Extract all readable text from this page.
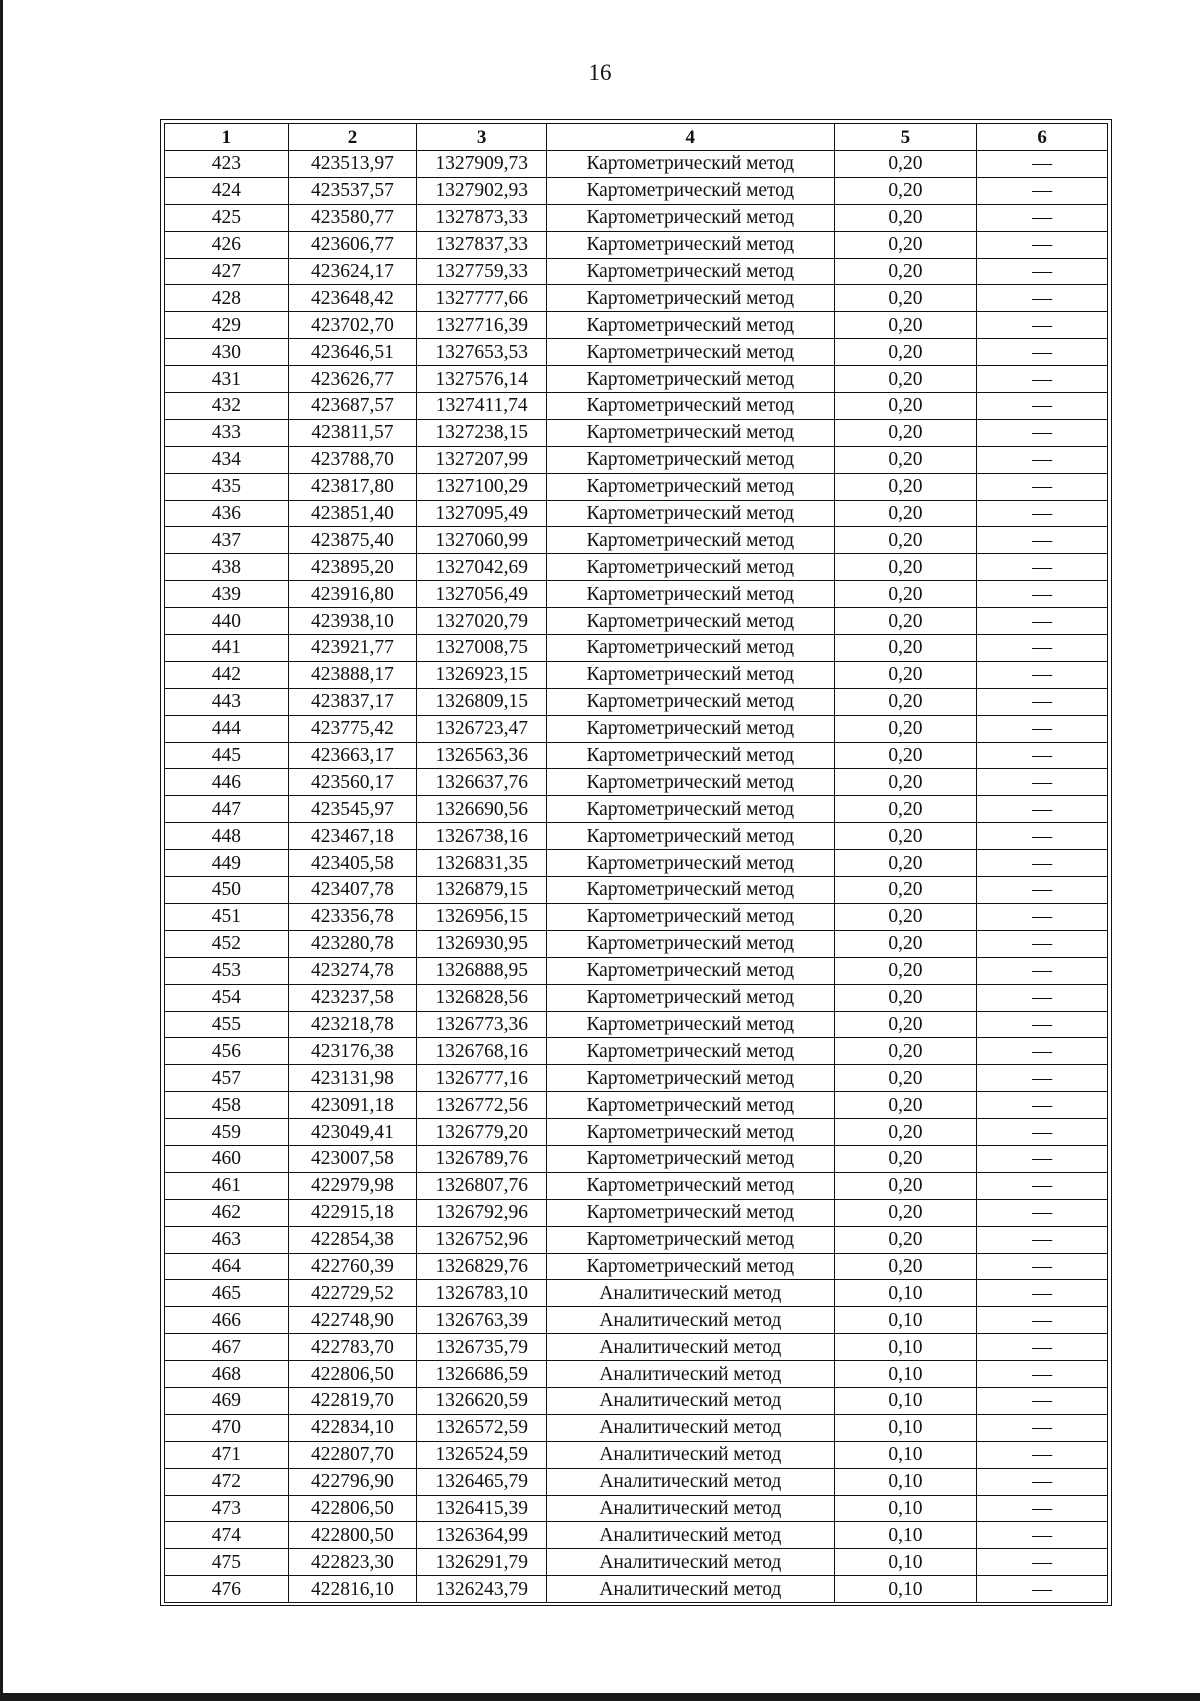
16
1	2	3	4	5	6
423	423513,97	1327909,73	Картометрический метод	0,20	—
424	423537,57	1327902,93	Картометрический метод	0,20	—
425	423580,77	1327873,33	Картометрический метод	0,20	—
426	423606,77	1327837,33	Картометрический метод	0,20	—
427	423624,17	1327759,33	Картометрический метод	0,20	—
428	423648,42	1327777,66	Картометрический метод	0,20	—
429	423702,70	1327716,39	Картометрический метод	0,20	—
430	423646,51	1327653,53	Картометрический метод	0,20	—
431	423626,77	1327576,14	Картометрический метод	0,20	—
432	423687,57	1327411,74	Картометрический метод	0,20	—
433	423811,57	1327238,15	Картометрический метод	0,20	—
434	423788,70	1327207,99	Картометрический метод	0,20	—
435	423817,80	1327100,29	Картометрический метод	0,20	—
436	423851,40	1327095,49	Картометрический метод	0,20	—
437	423875,40	1327060,99	Картометрический метод	0,20	—
438	423895,20	1327042,69	Картометрический метод	0,20	—
439	423916,80	1327056,49	Картометрический метод	0,20	—
440	423938,10	1327020,79	Картометрический метод	0,20	—
441	423921,77	1327008,75	Картометрический метод	0,20	—
442	423888,17	1326923,15	Картометрический метод	0,20	—
443	423837,17	1326809,15	Картометрический метод	0,20	—
444	423775,42	1326723,47	Картометрический метод	0,20	—
445	423663,17	1326563,36	Картометрический метод	0,20	—
446	423560,17	1326637,76	Картометрический метод	0,20	—
447	423545,97	1326690,56	Картометрический метод	0,20	—
448	423467,18	1326738,16	Картометрический метод	0,20	—
449	423405,58	1326831,35	Картометрический метод	0,20	—
450	423407,78	1326879,15	Картометрический метод	0,20	—
451	423356,78	1326956,15	Картометрический метод	0,20	—
452	423280,78	1326930,95	Картометрический метод	0,20	—
453	423274,78	1326888,95	Картометрический метод	0,20	—
454	423237,58	1326828,56	Картометрический метод	0,20	—
455	423218,78	1326773,36	Картометрический метод	0,20	—
456	423176,38	1326768,16	Картометрический метод	0,20	—
457	423131,98	1326777,16	Картометрический метод	0,20	—
458	423091,18	1326772,56	Картометрический метод	0,20	—
459	423049,41	1326779,20	Картометрический метод	0,20	—
460	423007,58	1326789,76	Картометрический метод	0,20	—
461	422979,98	1326807,76	Картометрический метод	0,20	—
462	422915,18	1326792,96	Картометрический метод	0,20	—
463	422854,38	1326752,96	Картометрический метод	0,20	—
464	422760,39	1326829,76	Картометрический метод	0,20	—
465	422729,52	1326783,10	Аналитический метод	0,10	—
466	422748,90	1326763,39	Аналитический метод	0,10	—
467	422783,70	1326735,79	Аналитический метод	0,10	—
468	422806,50	1326686,59	Аналитический метод	0,10	—
469	422819,70	1326620,59	Аналитический метод	0,10	—
470	422834,10	1326572,59	Аналитический метод	0,10	—
471	422807,70	1326524,59	Аналитический метод	0,10	—
472	422796,90	1326465,79	Аналитический метод	0,10	—
473	422806,50	1326415,39	Аналитический метод	0,10	—
474	422800,50	1326364,99	Аналитический метод	0,10	—
475	422823,30	1326291,79	Аналитический метод	0,10	—
476	422816,10	1326243,79	Аналитический метод	0,10	—
